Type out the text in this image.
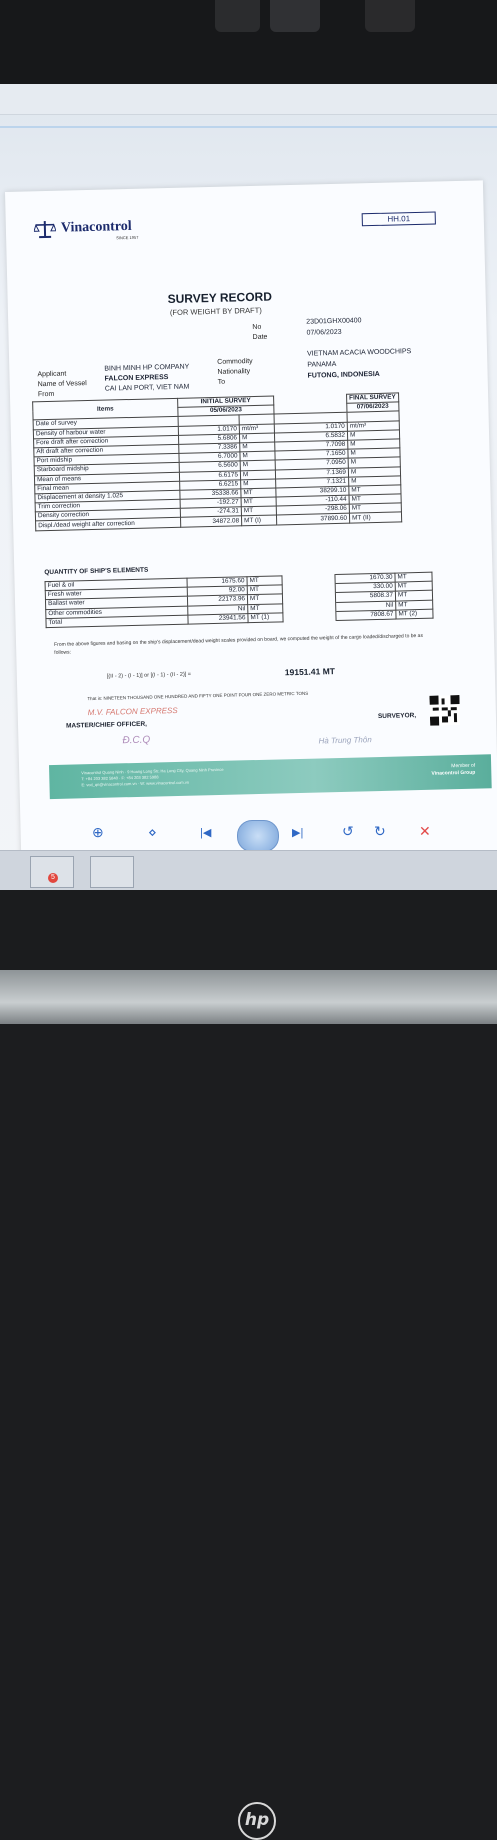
Vinacontrol
SINCE 1957
HH.01
SURVEY RECORD
(FOR WEIGHT BY DRAFT)
No
23D01GHX00400
Date
07/06/2023
Applicant
BINH MINH HP COMPANY
Name of Vessel
FALCON EXPRESS
From
CAI LAN PORT, VIET NAM
Commodity
VIETNAM ACACIA WOODCHIPS
Nationality
PANAMA
To
FUTONG, INDONESIA
Items	INITIAL SURVEY			FINAL SURVEY
	05/06/2023			07/06/2023
Date of survey				
Density of harbour water	1.0170	mt/m³	1.0170	mt/m³
Fore draft after correction	5.6806	M	6.5832	M
Aft draft after correction	7.3386	M	7.7098	M
Port midship	6.7000	M	7.1650	M
Starboard midship	6.5600	M	7.0950	M
Mean of means	6.6175	M	7.1369	M
Final mean	6.6215	M	7.1321	M
Displacement at density 1.025	35338.66	MT	38299.10	MT
Trim correction	-192.27	MT	-110.44	MT
Density correction	-274.31	MT	-298.06	MT
Displ./dead weight after correction	34872.08	MT (I)	37890.60	MT (II)
QUANTITY OF SHIP'S ELEMENTS
Fuel & oil	1675.60	MT		1670.30	MT
Fresh water	92.00	MT		330.00	MT
Ballast water	22173.96	MT		5808.37	MT
Other commodities	Nil	MT		Nil	MT
Total	23941.56	MT (1)		7808.67	MT (2)
From the above figures and basing on the ship's displacement/dead weight scales provided on board, we computed the weight of the cargo loaded/discharged to be as follows:
[(II - 2) - (I - 1)] or [(I - 1) - (II - 2)] =	19151.41 MT
That is: NINETEEN THOUSAND ONE HUNDRED AND FIFTY ONE POINT FOUR ONE ZERO METRIC TONS
M.V. FALCON EXPRESS
MASTER/CHIEF OFFICER,
SURVEYOR,
Đ.C.Q	Hà Trung Thôn
Vinacontrol Quang Ninh · 9 Hoang Long Str, Ha Long City, Quang Ninh Province
T: +84 203 382 5840 · F: +84 203 382 5988
E: vcd_qn@vinacontrol.com.vn · W: www.vinacontrol.com.vn
Member of
Vinacontrol Group
⊕	⋄	|◀	▶|	↺ ↻ ✕
5
hp
